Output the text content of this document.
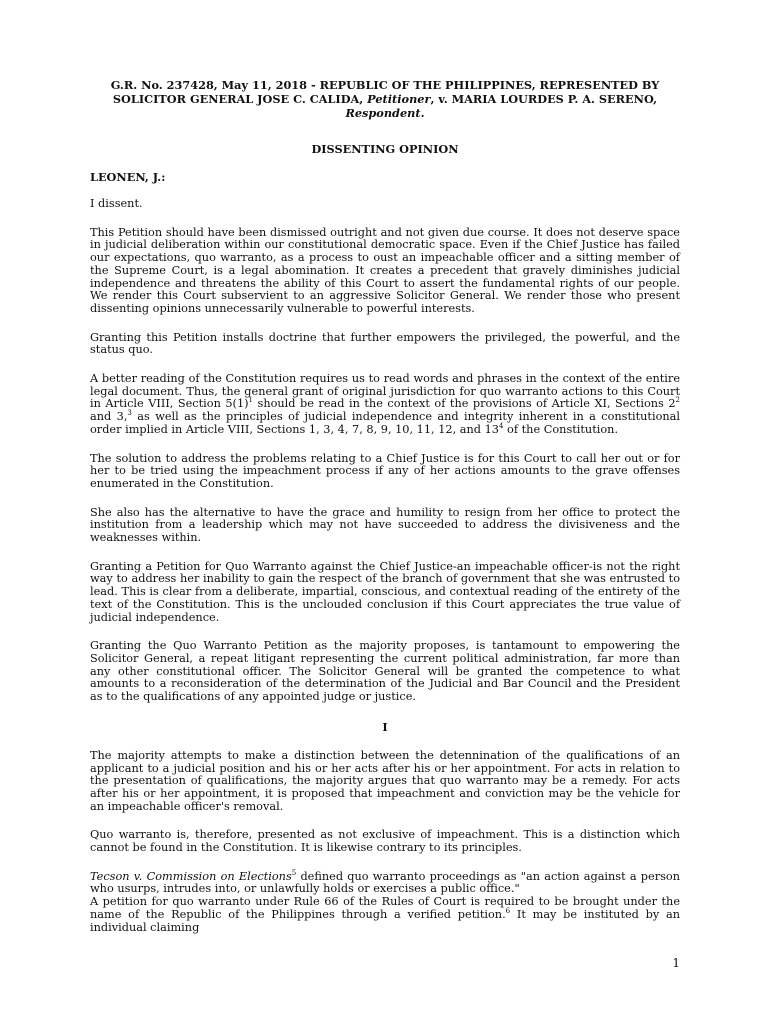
G.R. No. 237428, May 11, 2018 - REPUBLIC OF THE PHILIPPINES, REPRESENTED BY SOLICITOR GENERAL JOSE C. CALIDA, Petitioner, v. MARIA LOURDES P. A. SERENO, Respondent.

DISSENTING OPINION

LEONEN, J.:

I dissent.

This Petition should have been dismissed outright and not given due course. It does not deserve space in judicial deliberation within our constitutional democratic space. Even if the Chief Justice has failed our expectations, quo warranto, as a process to oust an impeachable officer and a sitting member of the Supreme Court, is a legal abomination. It creates a precedent that gravely diminishes judicial independence and threatens the ability of this Court to assert the fundamental rights of our people. We render this Court subservient to an aggressive Solicitor General. We render those who present dissenting opinions unnecessarily vulnerable to powerful interests.

Granting this Petition installs doctrine that further empowers the privileged, the powerful, and the status quo.

A better reading of the Constitution requires us to read words and phrases in the context of the entire legal document. Thus, the general grant of original jurisdiction for quo warranto actions to this Court in Article VIII, Section $5(1)^1$ should be read in the context of the provisions of Article XI, Sections $2^2$ and 3,$^3$ as well as the principles of judicial independence and integrity inherent in a constitutional order implied in Article VIII, Sections 1, 3, 4, 7, 8, 9, 10, 11, 12, and $13^4$ of the Constitution.

The solution to address the problems relating to a Chief Justice is for this Court to call her out or for her to be tried using the impeachment process if any of her actions amounts to the grave offenses enumerated in the Constitution.

She also has the alternative to have the grace and humility to resign from her office to protect the institution from a leadership which may not have succeeded to address the divisiveness and the weaknesses within.

Granting a Petition for Quo Warranto against the Chief Justice-an impeachable officer-is not the right way to address her inability to gain the respect of the branch of government that she was entrusted to lead. This is clear from a deliberate, impartial, conscious, and contextual reading of the entirety of the text of the Constitution. This is the unclouded conclusion if this Court appreciates the true value of judicial independence.

Granting the Quo Warranto Petition as the majority proposes, is tantamount to empowering the Solicitor General, a repeat litigant representing the current political administration, far more than any other constitutional officer. The Solicitor General will be granted the competence to what amounts to a reconsideration of the determination of the Judicial and Bar Council and the President as to the qualifications of any appointed judge or justice.

I

The majority attempts to make a distinction between the detennination of the qualifications of an applicant to a judicial position and his or her acts after his or her appointment. For acts in relation to the presentation of qualifications, the majority argues that quo warranto may be a remedy. For acts after his or her appointment, it is proposed that impeachment and conviction may be the vehicle for an impeachable officer's removal.

Quo warranto is, therefore, presented as not exclusive of impeachment. This is a distinction which cannot be found in the Constitution. It is likewise contrary to its principles.

Tecson v. Commission on Elections$^5$ defined quo warranto proceedings as "an action against a person who usurps, intrudes into, or unlawfully holds or exercises a public office."

A petition for quo warranto under Rule 66 of the Rules of Court is required to be brought under the name of the Republic of the Philippines through a verified petition.$^6$ It may be instituted by an individual claiming

1
